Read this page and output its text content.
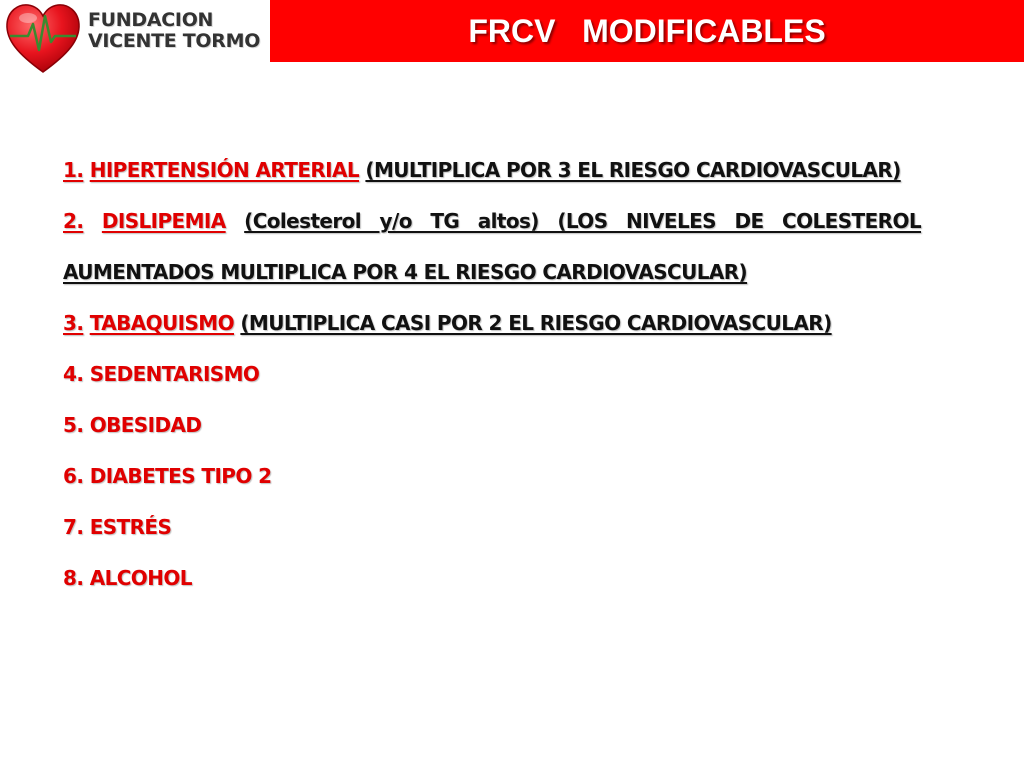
FUNDACION
VICENTE TORMO	FRCV   MODIFICABLES
1. HIPERTENSIÓN ARTERIAL (MULTIPLICA POR 3 EL RIESGO CARDIOVASCULAR)
2. DISLIPEMIA (Colesterol y/o TG altos) (LOS NIVELES DE COLESTEROL AUMENTADOS MULTIPLICA POR 4 EL RIESGO CARDIOVASCULAR)
3. TABAQUISMO (MULTIPLICA CASI POR 2 EL RIESGO CARDIOVASCULAR)
4. SEDENTARISMO
5. OBESIDAD
6. DIABETES TIPO 2
7. ESTRÉS
8. ALCOHOL
